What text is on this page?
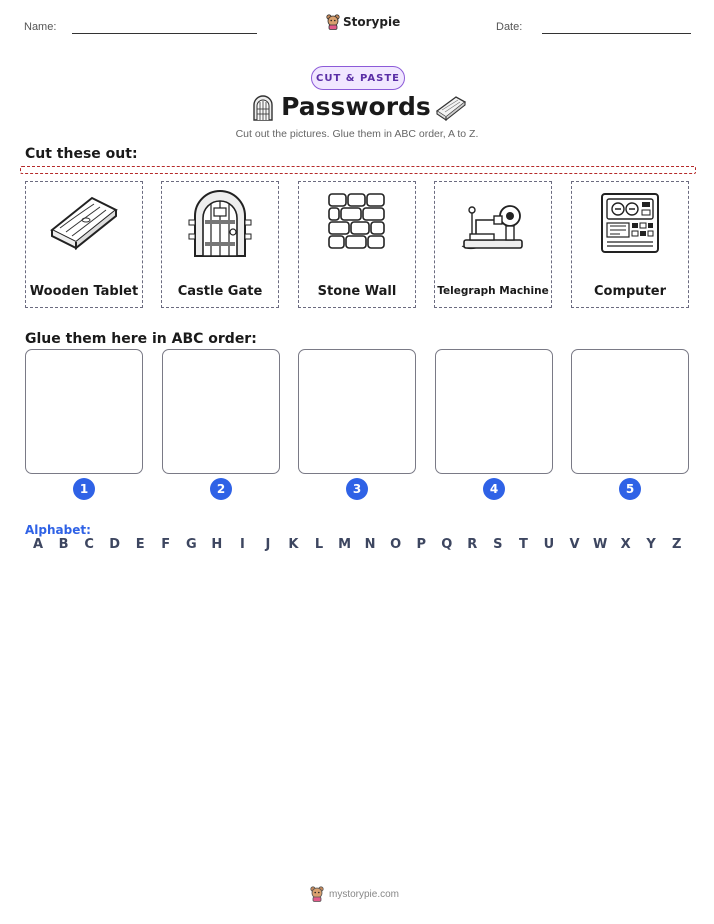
Name:	Storypie	Date:
CUT & PASTE
Passwords
Cut out the pictures. Glue them in ABC order, A to Z.
Cut these out:
Wooden Tablet	Castle Gate	Stone Wall	Telegraph Machine	Computer
Glue them here in ABC order:
1	2	3	4	5
Alphabet:
A B C D E F G H	I	J	K L M N O P Q R S T U V W X Y Z
mystorypie.com
